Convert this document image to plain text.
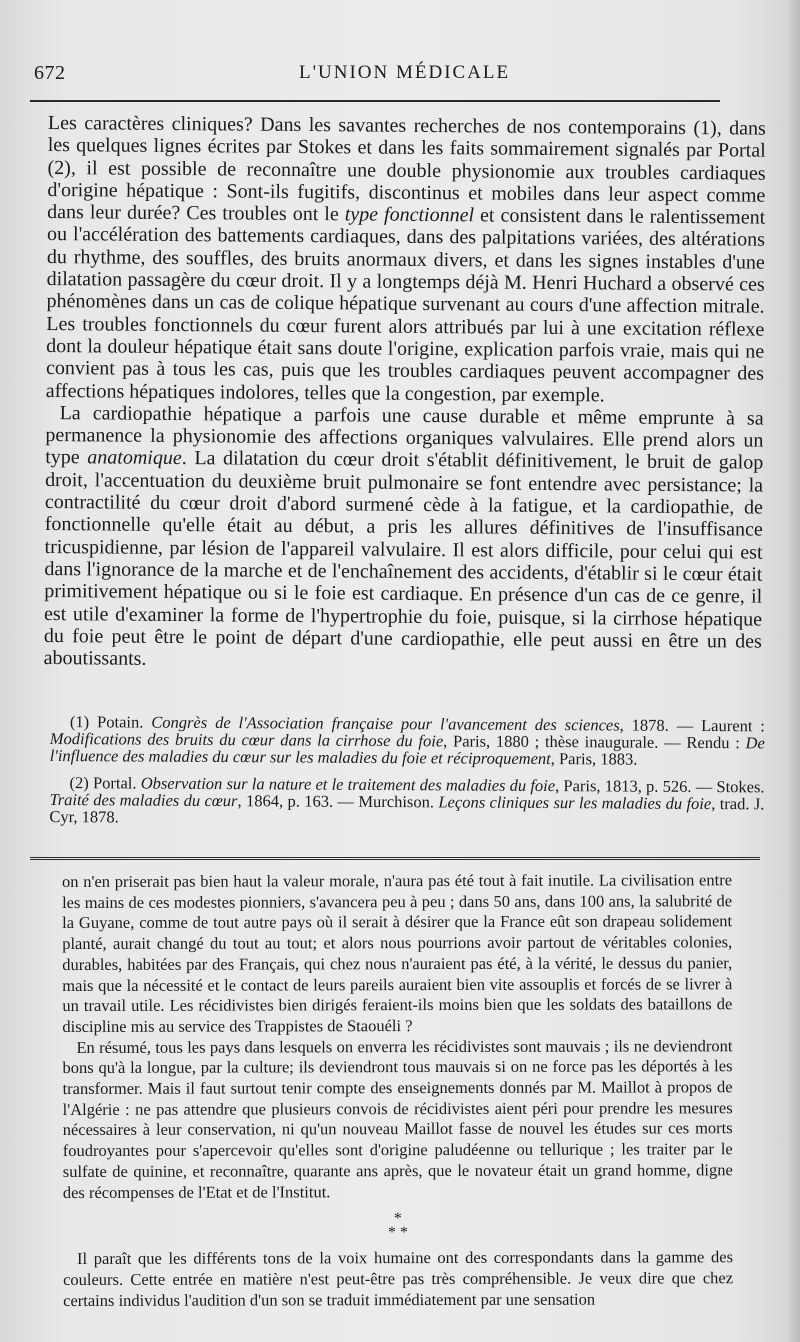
672	L'UNION MÉDICALE

Les caractères cliniques? Dans les savantes recherches de nos contemporains (1), dans les quelques lignes écrites par Stokes et dans les faits sommairement signalés par Portal (2), il est possible de reconnaître une double physionomie aux troubles cardiaques d'origine hépatique : Sont-ils fugitifs, discontinus et mobiles dans leur aspect comme dans leur durée? Ces troubles ont le type fonctionnel et consistent dans le ralentissement ou l'accélération des battements cardiaques, dans des palpitations variées, des altérations du rhythme, des souffles, des bruits anormaux divers, et dans les signes instables d'une dilatation passagère du cœur droit. Il y a longtemps déjà M. Henri Huchard a observé ces phénomènes dans un cas de colique hépatique survenant au cours d'une affection mitrale. Les troubles fonctionnels du cœur furent alors attribués par lui à une excitation réflexe dont la douleur hépatique était sans doute l'origine, explication parfois vraie, mais qui ne convient pas à tous les cas, puis que les troubles cardiaques peuvent accompagner des affections hépatiques indolores, telles que la congestion, par exemple.

La cardiopathie hépatique a parfois une cause durable et même emprunte à sa permanence la physionomie des affections organiques valvulaires. Elle prend alors un type anatomique. La dilatation du cœur droit s'établit définitivement, le bruit de galop droit, l'accentuation du deuxième bruit pulmonaire se font entendre avec persistance; la contractilité du cœur droit d'abord surmené cède à la fatigue, et la cardiopathie, de fonctionnelle qu'elle était au début, a pris les allures définitives de l'insuffisance tricuspidienne, par lésion de l'appareil valvulaire. Il est alors difficile, pour celui qui est dans l'ignorance de la marche et de l'enchaînement des accidents, d'établir si le cœur était primitivement hépatique ou si le foie est cardiaque. En présence d'un cas de ce genre, il est utile d'examiner la forme de l'hypertrophie du foie, puisque, si la cirrhose hépatique du foie peut être le point de départ d'une cardiopathie, elle peut aussi en être un des aboutissants.

(1) Potain. Congrès de l'Association française pour l'avancement des sciences, 1878. — Laurent : Modifications des bruits du cœur dans la cirrhose du foie, Paris, 1880 ; thèse inaugurale. — Rendu : De l'influence des maladies du cœur sur les maladies du foie et réciproquement, Paris, 1883.

(2) Portal. Observation sur la nature et le traitement des maladies du foie, Paris, 1813, p. 526. — Stokes. Traité des maladies du cœur, 1864, p. 163. — Murchison. Leçons cliniques sur les maladies du foie, trad. J. Cyr, 1878.

on n'en priserait pas bien haut la valeur morale, n'aura pas été tout à fait inutile. La civilisation entre les mains de ces modestes pionniers, s'avancera peu à peu ; dans 50 ans, dans 100 ans, la salubrité de la Guyane, comme de tout autre pays où il serait à désirer que la France eût son drapeau solidement planté, aurait changé du tout au tout; et alors nous pourrions avoir partout de véritables colonies, durables, habitées par des Français, qui chez nous n'auraient pas été, à la vérité, le dessus du panier, mais que la nécessité et le contact de leurs pareils auraient bien vite assouplis et forcés de se livrer à un travail utile. Les récidivistes bien dirigés feraient-ils moins bien que les soldats des bataillons de discipline mis au service des Trappistes de Staouéli ?

En résumé, tous les pays dans lesquels on enverra les récidivistes sont mauvais ; ils ne deviendront bons qu'à la longue, par la culture; ils deviendront tous mauvais si on ne force pas les déportés à les transformer. Mais il faut surtout tenir compte des enseignements donnés par M. Maillot à propos de l'Algérie : ne pas attendre que plusieurs convois de récidivistes aient péri pour prendre les mesures nécessaires à leur conservation, ni qu'un nouveau Maillot fasse de nouvel les études sur ces morts foudroyantes pour s'apercevoir qu'elles sont d'origine paludéenne ou tellurique ; les traiter par le sulfate de quinine, et reconnaître, quarante ans après, que le novateur était un grand homme, digne des récompenses de l'Etat et de l'Institut.

*
* *

Il paraît que les différents tons de la voix humaine ont des correspondants dans la gamme des couleurs. Cette entrée en matière n'est peut-être pas très compréhensible. Je veux dire que chez certains individus l'audition d'un son se traduit immédiatement par une sensation
